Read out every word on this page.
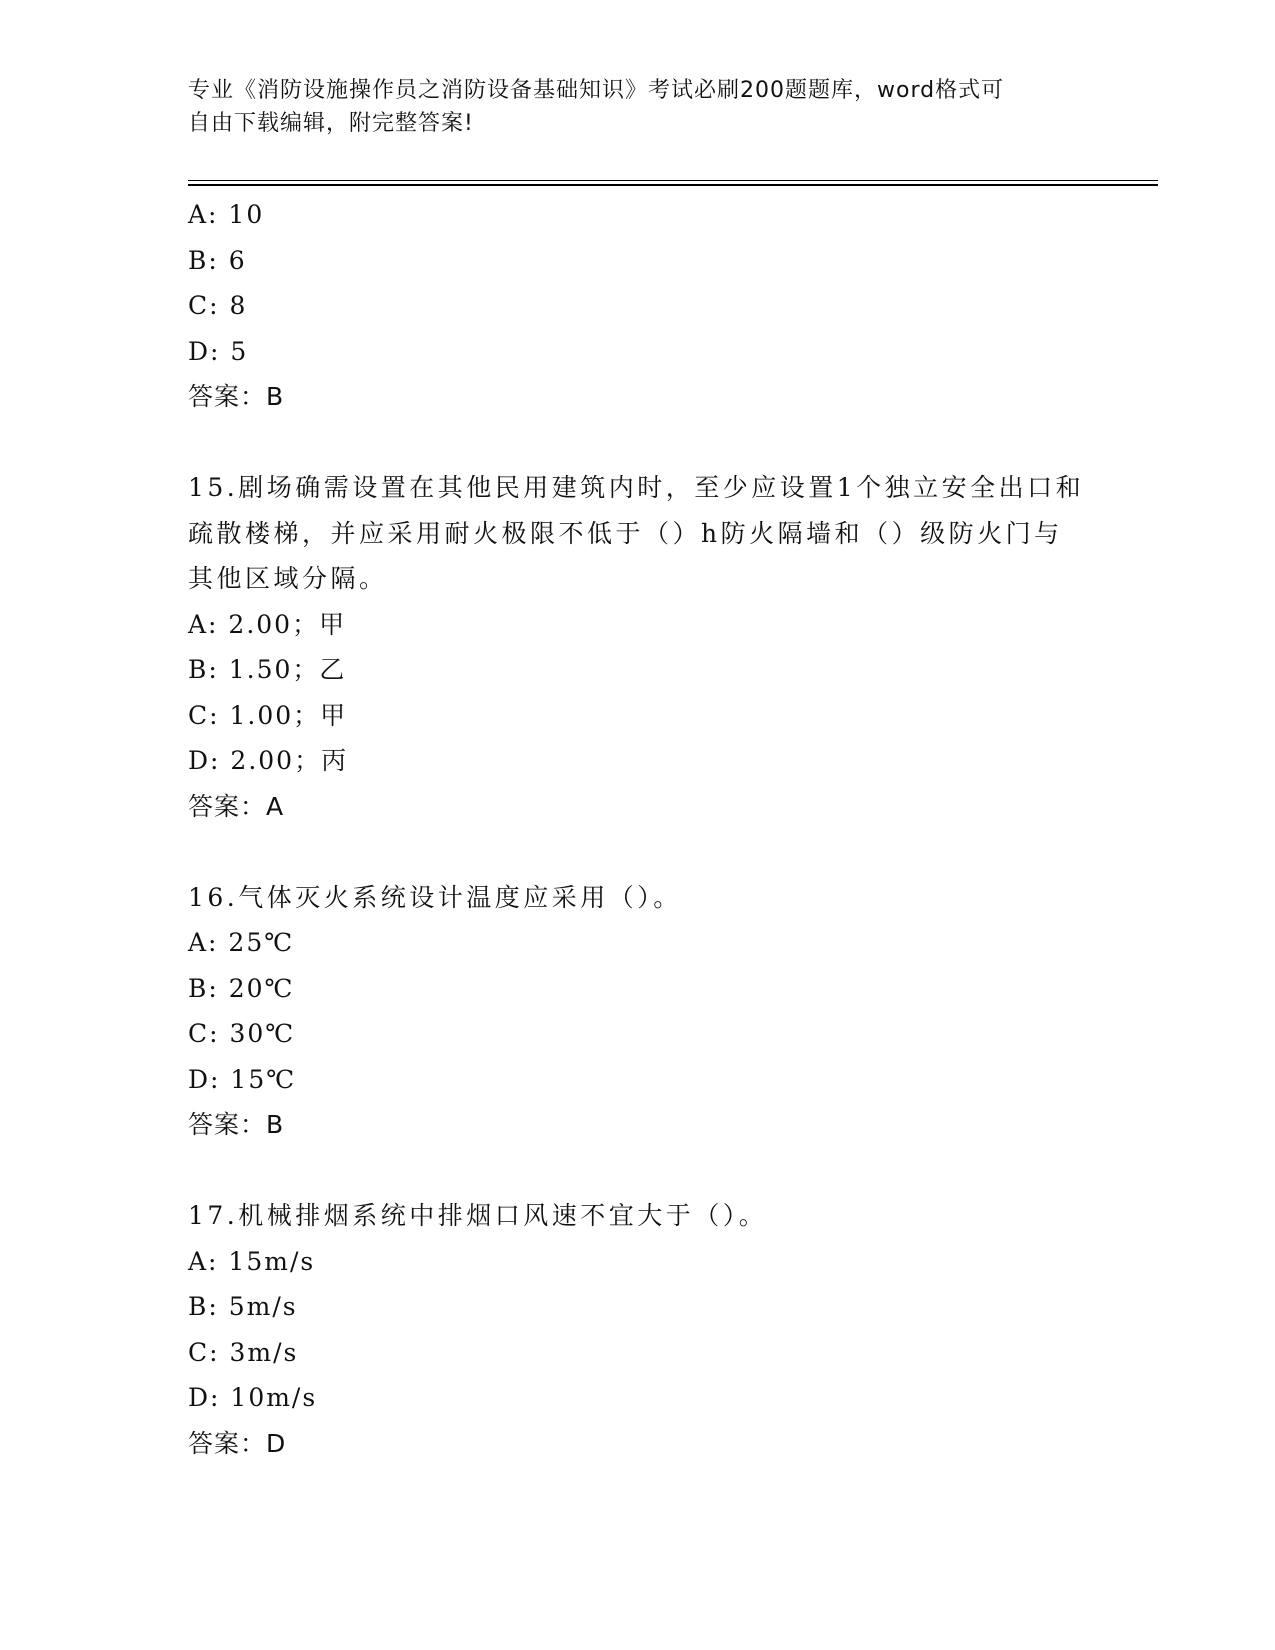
专业《消防设施操作员之消防设备基础知识》考试必刷200题题库，word格式可
自由下载编辑，附完整答案!
A: 10
B: 6
C: 8
D: 5
答案：B
15.剧场确需设置在其他民用建筑内时，至少应设置1个独立安全出口和疏散楼梯，并应采用耐火极限不低于（）h防火隔墙和（）级防火门与其他区域分隔。
A: 2.00；甲
B: 1.50；乙
C: 1.00；甲
D: 2.00；丙
答案：A
16.气体灭火系统设计温度应采用（）。
A: 25℃
B: 20℃
C: 30℃
D: 15℃
答案：B
17.机械排烟系统中排烟口风速不宜大于（）。
A: 15m/s
B: 5m/s
C: 3m/s
D: 10m/s
答案：D
